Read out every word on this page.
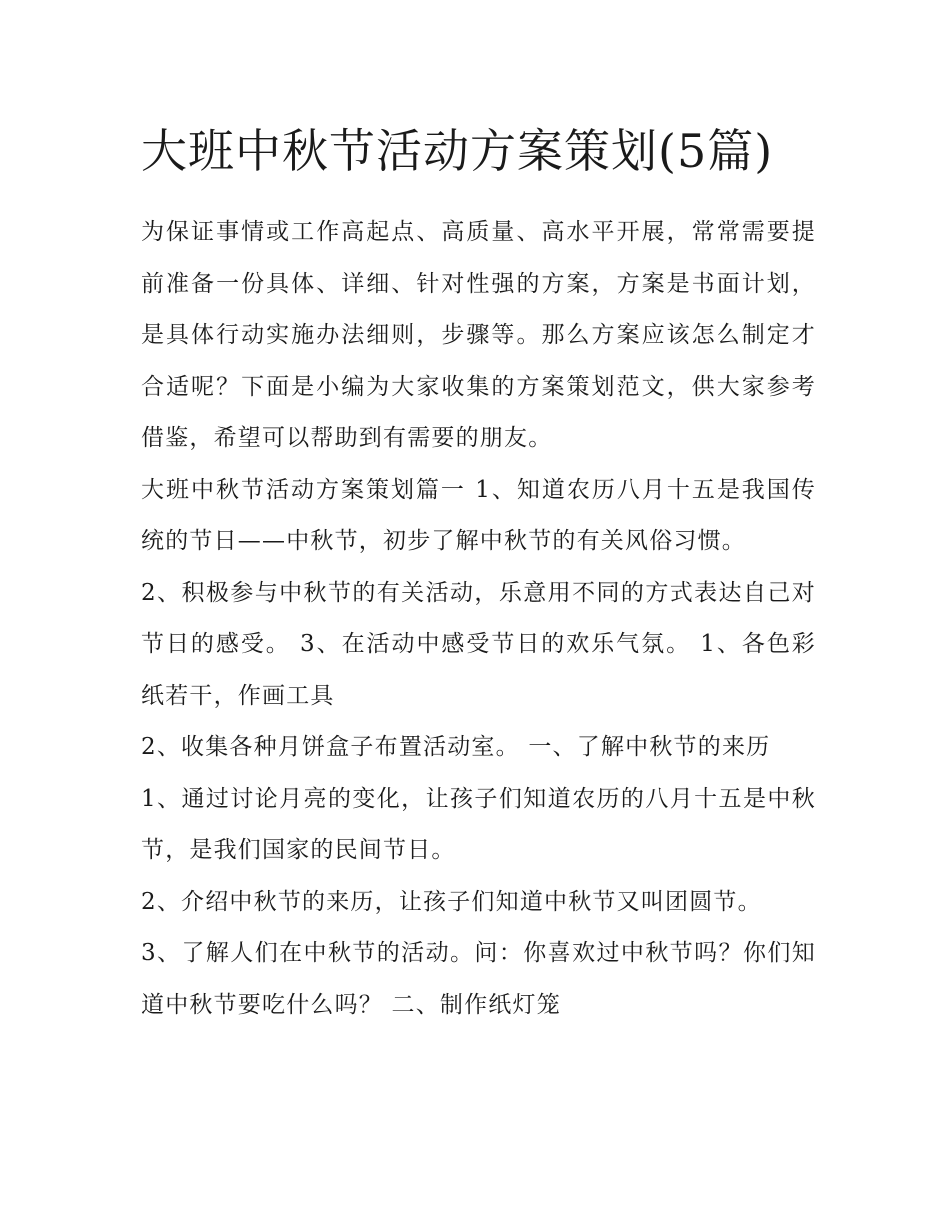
大班中秋节活动方案策划(5篇)

为保证事情或工作高起点、高质量、高水平开展，常常需要提前准备一份具体、详细、针对性强的方案，方案是书面计划，是具体行动实施办法细则，步骤等。那么方案应该怎么制定才合适呢？下面是小编为大家收集的方案策划范文，供大家参考借鉴，希望可以帮助到有需要的朋友。

大班中秋节活动方案策划篇一 1、知道农历八月十五是我国传统的节日——中秋节，初步了解中秋节的有关风俗习惯。

2、积极参与中秋节的有关活动，乐意用不同的方式表达自己对节日的感受。 3、在活动中感受节日的欢乐气氛。 1、各色彩纸若干，作画工具

2、收集各种月饼盒子布置活动室。 一、了解中秋节的来历

1、通过讨论月亮的变化，让孩子们知道农历的八月十五是中秋节，是我们国家的民间节日。

2、介绍中秋节的来历，让孩子们知道中秋节又叫团圆节。

3、了解人们在中秋节的活动。问：你喜欢过中秋节吗？你们知道中秋节要吃什么吗？ 二、制作纸灯笼
